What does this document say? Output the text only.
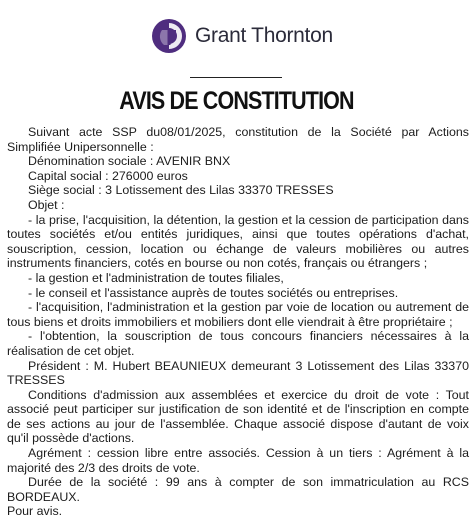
Grant Thornton
AVIS DE CONSTITUTION

Suivant acte SSP du08/01/2025, constitution de la Société par Actions Simplifiée Unipersonnelle :

Dénomination sociale : AVENIR BNX

Capital social : 276000 euros

Siège social : 3 Lotissement des Lilas 33370 TRESSES

Objet :

- la prise, l'acquisition, la détention, la gestion et la cession de participation dans toutes sociétés et/ou entités juridiques, ainsi que toutes opérations d'achat, souscription, cession, location ou échange de valeurs mobilières ou autres instruments financiers, cotés en bourse ou non cotés, français ou étrangers ;

- la gestion et l'administration de toutes filiales,

- le conseil et l'assistance auprès de toutes sociétés ou entreprises.

- l'acquisition, l'administration et la gestion par voie de location ou autrement de tous biens et droits immobiliers et mobiliers dont elle viendrait à être propriétaire ;

- l'obtention, la souscription de tous concours financiers nécessaires à la réalisation de cet objet.

Président : M. Hubert BEAUNIEUX demeurant 3 Lotissement des Lilas 33370 TRESSES

Conditions d'admission aux assemblées et exercice du droit de vote : Tout associé peut participer sur justification de son identité et de l'inscription en compte de ses actions au jour de l'assemblée. Chaque associé dispose d'autant de voix qu'il possède d'actions.

Agrément : cession libre entre associés. Cession à un tiers : Agrément à la majorité des 2/3 des droits de vote.

Durée de la société : 99 ans à compter de son immatriculation au RCS BORDEAUX.

Pour avis.
